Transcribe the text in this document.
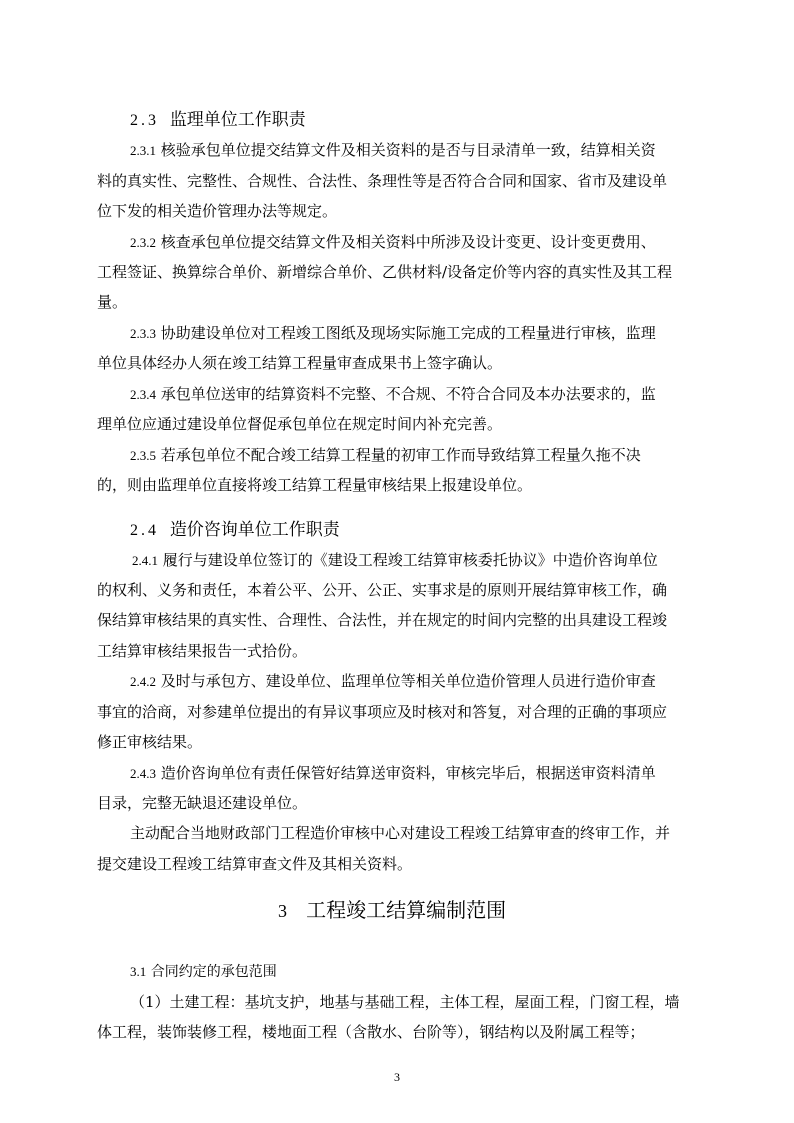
2.3 监理单位工作职责
2.3.1 核验承包单位提交结算文件及相关资料的是否与目录清单一致，结算相关资
料的真实性、完整性、合规性、合法性、条理性等是否符合合同和国家、省市及建设单
位下发的相关造价管理办法等规定。
2.3.2 核查承包单位提交结算文件及相关资料中所涉及设计变更、设计变更费用、
工程签证、换算综合单价、新增综合单价、乙供材料/设备定价等内容的真实性及其工程
量。
2.3.3 协助建设单位对工程竣工图纸及现场实际施工完成的工程量进行审核，监理
单位具体经办人须在竣工结算工程量审查成果书上签字确认。
2.3.4 承包单位送审的结算资料不完整、不合规、不符合合同及本办法要求的，监
理单位应通过建设单位督促承包单位在规定时间内补充完善。
2.3.5 若承包单位不配合竣工结算工程量的初审工作而导致结算工程量久拖不决
的，则由监理单位直接将竣工结算工程量审核结果上报建设单位。
2.4 造价咨询单位工作职责
2.4.1 履行与建设单位签订的《建设工程竣工结算审核委托协议》中造价咨询单位
的权利、义务和责任，本着公平、公开、公正、实事求是的原则开展结算审核工作，确
保结算审核结果的真实性、合理性、合法性，并在规定的时间内完整的出具建设工程竣
工结算审核结果报告一式拾份。
2.4.2 及时与承包方、建设单位、监理单位等相关单位造价管理人员进行造价审查
事宜的洽商，对参建单位提出的有异议事项应及时核对和答复，对合理的正确的事项应
修正审核结果。
2.4.3 造价咨询单位有责任保管好结算送审资料，审核完毕后，根据送审资料清单
目录，完整无缺退还建设单位。
主动配合当地财政部门工程造价审核中心对建设工程竣工结算审查的终审工作，并
提交建设工程竣工结算审查文件及其相关资料。
3 工程竣工结算编制范围
3.1 合同约定的承包范围
（1）土建工程：基坑支护，地基与基础工程，主体工程，屋面工程，门窗工程，墙
体工程，装饰装修工程，楼地面工程（含散水、台阶等），钢结构以及附属工程等；
3
